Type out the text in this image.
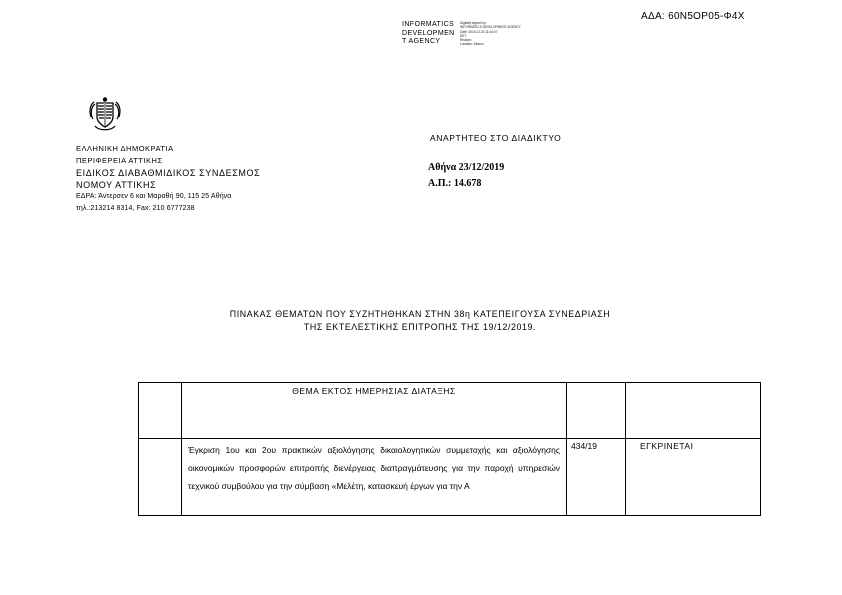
ΑΔΑ: 60Ν5ΟΡ05-Φ4Χ
INFORMATICS
DEVELOPMEN
T AGENCY
Digitally signed by
INFORMATICS DEVELOPMENT AGENCY
Date: 2019.12.23 11:04:07
EET
Reason:
Location: Athens
ΕΛΛΗΝΙΚΗ ΔΗΜΟΚΡΑΤΙΑ
ΠΕΡΙΦΕΡΕΙΑ ΑΤΤΙΚΗΣ
ΕΙΔΙΚΟΣ ΔΙΑΒΑΘΜΙΔΙΚΟΣ ΣΥΝΔΕΣΜΟΣ
ΝΟΜΟΥ ΑΤΤΙΚΗΣ
ΕΔΡΑ: Άντερσεν 6 και Μαραθή 90, 115 25 Αθήνα
τηλ.:213214 8314, Fax: 210 6777238
ΑΝΑΡΤΗΤΕΟ ΣΤΟ ΔΙΑΔΙΚΤΥΟ
Αθήνα 23/12/2019
Α.Π.: 14.678
ΠΙΝΑΚΑΣ ΘΕΜΑΤΩΝ ΠΟΥ ΣΥΖΗΤΗΘΗΚΑΝ ΣΤΗΝ 38η ΚΑΤΕΠΕΙΓΟΥΣΑ ΣΥΝΕΔΡΙΑΣΗ
ΤΗΣ ΕΚΤΕΛΕΣΤΙΚΗΣ ΕΠΙΤΡΟΠΗΣ ΤΗΣ 19/12/2019.
	ΘΕΜΑ ΕΚΤΟΣ ΗΜΕΡΗΣΙΑΣ ΔΙΑΤΑΞΗΣ		
	Έγκριση 1ου και 2ου πρακτικών αξιολόγησης δικαιολογητικών συμμετοχής και αξιολόγησης οικονομικών προσφορών επιτροπής διενέργειας διαπραγμάτευσης για την παροχή υπηρεσιών τεχνικού συμβούλου για την σύμβαση «Μελέτη, κατασκευή έργων για την Α	434/19	ΕΓΚΡΙΝΕΤΑΙ
